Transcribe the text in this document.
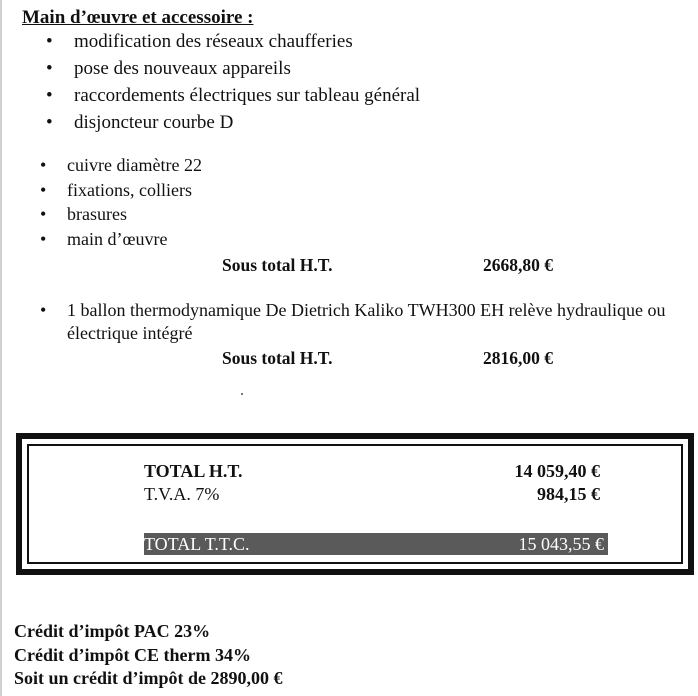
Main d’œuvre et accessoire :
• modification des réseaux chaufferies
• pose des nouveaux appareils
• raccordements électriques sur tableau général
• disjoncteur courbe D
• cuivre diamètre 22
• fixations, colliers
• brasures
• main d’œuvre
Sous total H.T.	2668,80 €
• 1 ballon thermodynamique De Dietrich Kaliko TWH300 EH relève hydraulique ou électrique intégré
Sous total H.T.	2816,00 €
TOTAL H.T.	14 059,40 €
T.V.A. 7%	984,15 €
TOTAL T.T.C.	15 043,55 €

Crédit d’impôt PAC 23%

Crédit d’impôt CE therm 34%

Soit un crédit d’impôt de 2890,00 €
